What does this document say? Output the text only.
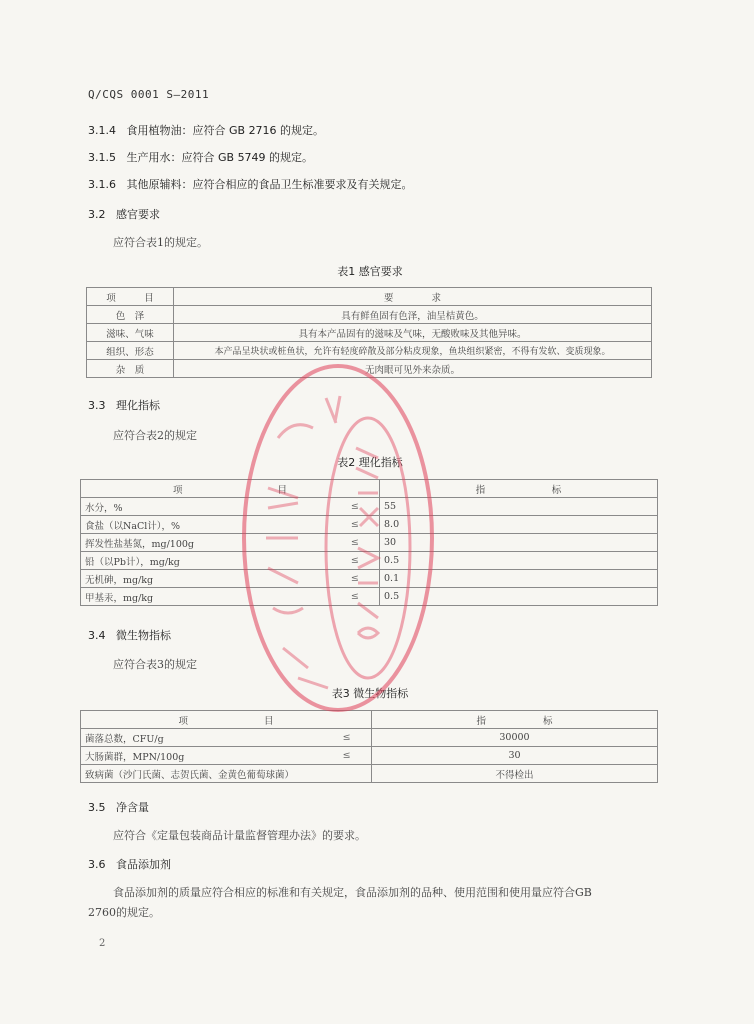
Q/CQS 0001 S—2011
3.1.4 食用植物油：应符合 GB 2716 的规定。
3.1.5 生产用水：应符合 GB 5749 的规定。
3.1.6 其他原辅料：应符合相应的食品卫生标准要求及有关规定。
3.2 感官要求
应符合表1的规定。
表1 感官要求
项　　　目	要　　　　求
色　泽	具有鲜鱼固有色泽，油呈桔黄色。
滋味、气味	具有本产品固有的滋味及气味，无酸败味及其他异味。
组织、形态	本产品呈块状或桩鱼状，允许有轻度碎散及部分粘皮现象，鱼块组织紧密，不得有发软、变质现象。
杂　质	无肉眼可见外来杂质。
3.3 理化指标
应符合表2的规定
表2 理化指标
项　　　　　　　　　　目		指　　　　　　　标
水分，%	≤	55
食盐（以NaCl计），%	≤	8.0
挥发性盐基氮，mg/100g	≤	30
铅（以Pb计），mg/kg	≤	0.5
无机砷，mg/kg	≤	0.1
甲基汞，mg/kg	≤	0.5
3.4 微生物指标
应符合表3的规定
表3 微生物指标
项　　　　　　　　目		指　　　　　　标
菌落总数，CFU/g	≤	30000
大肠菌群，MPN/100g	≤	30
致病菌（沙门氏菌、志贺氏菌、金黄色葡萄球菌）		不得检出
3.5 净含量
应符合《定量包装商品计量监督管理办法》的要求。
3.6 食品添加剂
食品添加剂的质量应符合相应的标准和有关规定，食品添加剂的品种、使用范围和使用量应符合GB
2760的规定。
2
